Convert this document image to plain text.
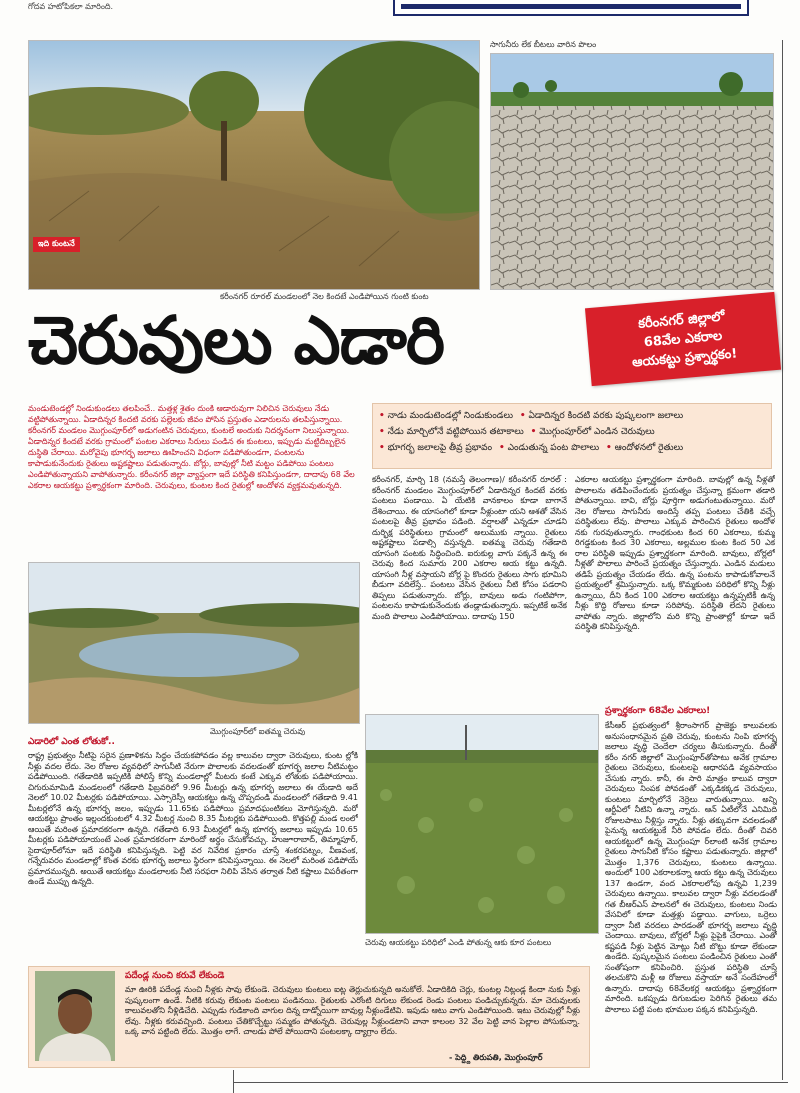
గోదవ హటోపికలా మారింది.
ఇది కుంటనే
సాగునీరు లేక బీటలు వారిన పొలం
కరీంనగర్ రూరల్ మండలంలో నెల కిందటే ఎండిపోయిన గుంటి కుంట
చెరువులు ఎడారి	కరీంనగర్ జిల్లాలో
68వేల ఎకరాల
ఆయకట్టు ప్రశ్నార్థకం!
మండుటెండల్లో నిండుకుండలు తలపించే.. మత్తళ్ల శైతం దుంకి ఆడారువుగా నిలిచిన చెరువులు నేడు వట్టిపోతున్నాయి. ఏడాదిన్నర కిందటి వరకు పల్లెలకు జీవం పోసిన ప్రస్తుతం ఎడారులను తలపిస్తున్నాయి. కరీంనగర్ మండలం మొగ్గుంపూర్‌లో అడుగంటిన చెరువులు, కుంటలే అందుకు నిదర్శనంగా నిలుస్తున్నాయి. ఏడాదిన్నర కిందటే వరకు గ్రామంలో పంటల ఎకరాలు సిరులు పండిన ఈ కుంటలు, ఇప్పుడు మట్టిదిబ్బలైన దుస్థితి చేరాయి. మరోవైపు భూగర్భ జలాలు ఊహించని విధంగా పడిపోతుండగా, పంటలను కాపాడుకునేందుకు రైతులు అష్టకష్టాలు పడుతున్నారు. బోర్లు, బావుల్లో నీటి మట్టం పడిపోయి పంటలు ఎండిపోతున్నాయని వాపోతున్నారు. కరీంనగర్ జిల్లా వ్యాప్తంగా ఇదే పరిస్థితి కనిపిస్తుండగా, దాదాపు 68 వేల ఎకరాల ఆయకట్టు ప్రశ్నార్థకంగా మారింది. చెరువులు, కుంటల కింద రైతుల్లో ఆందోళన వ్యక్తమవుతున్నది.
• నాడు మండుటెండల్లో నిండుకుండలు • ఏడాదిన్నర కిందటి వరకు పుష్కలంగా జలాలు
• నేడు మార్చిలోనే వట్టిపోయిన తటాకాలు • మొగ్గుంపూర్‌లో ఎండిన చెరువులు
• భూగర్భ జలాలపై తీవ్ర ప్రభావం • ఎండుతున్న పంట పొలాలు • ఆందోళనలో రైతులు
కరీంనగర్, మార్చి 18 (నమస్తే తెలంగాణ)/ కరీంనగర్ రూరల్ : కరీంనగర్ మండలం మొగ్గుంపూర్‌లో ఏడాదిన్నర కిందటే వరకు పంటలు పండాయి. ఏ యేటికి వానకాలం కూడా బాగానే దేశించాయి. ఈ యాసంగిలో కూడా నీళ్లుంటా యని ఆశతో వేసిన పంటలపై తీవ్ర ప్రభావం పడింది. వర్షాలతో ఎన్నడూ చూడని దుర్భిక్ష పరిస్థితులు గ్రామంలో అలుముకు న్నాయి. రైతులు అష్టకష్టాలు పడాల్సి వస్తున్నది. ఐతమ్మ చెరువు గతేడాది యాసంగి పంటకు సిద్ధించింది. ఐరుకుల్ల వాగు పక్కనే ఉన్న ఈ చెరువు కింద సుమారు 200 ఎకరాల ఆయ కట్టు ఉన్నది. యాసంగి నీళ్ల వస్తాయని బోర్ల పై కొందరు రైతులు సాగు భూమిని బీడుగా వదిలేస్తే.. పంటలు వేసిన రైతులు నీటి కోసం పడరాని తిప్పలు పడుతున్నారు. బోర్లు, బావులు అడు గంటిపోగా, పంటలను కాపాడుకునేందుకు తండ్లాడుతున్నారు. ఇప్పటికే అనేక మంది పొలాలు ఎండిపోయాయి. దాదాపు 150
ఎకరాల ఆయకట్టు ప్రశ్నార్థకంగా మారింది. బావుల్లో ఉన్న నీళ్లతో పొలాలను తడిపించేందుకు ప్రయత్నం చేస్తున్నా క్రమంగా తడారి పోతున్నాయి. బావి, బోర్లు పూర్తిగా అడుగంటుతున్నాయి. మరో నెల రోజులు సాగునీరు అందిస్తే తప్ప పంటలు చేతికి వచ్చే పరిస్థితులు లేవు. పొలాలు ఎక్కువ పారించిన రైతులు అందోళ నకు గురవుతున్నారు. గాంధకుంట కింద 60 ఎకరాలు, కుమ్మ రిగడ్డకుంట కింద 30 ఎకరాలు, అల్లముల కుంట కింద 50 ఎక రాల పరిస్థితి ఇప్పుడు ప్రశ్నార్థకంగా మారింది. బావులు, బోర్లలో నీళ్లతో పొలాలు పారించే ప్రయత్నం చేస్తున్నారు. ఎండిన మడులు తడిపే ప్రయత్నం చేయడం లేదు. ఉన్న పంటను కాపాడుకోవాలనే ప్రయత్నంలో శ్రమిస్తున్నారు. ఒక్క కొమ్మకుంట పరిధిలో కొన్ని నీళ్లు ఉన్నాయి, దీని కింద 100 ఎకరాల ఆయకట్టు ఉన్నప్పటికీ ఉన్న నీళ్లు కొద్ది రోజులు కూడా సరిపోవు. పరిస్థితి లేదని రైతులు వాపోతు న్నారు. జిల్లాలోని మరి కొన్ని ప్రాంతాల్లో కూడా ఇదే పరిస్థితి కనిపిస్తున్నది.
మొగ్గుంపూర్‌లో ఐతమ్మ చెరువు
ఎడారిలో ఎంత లోతుకో..
రాష్ట్ర ప్రభుత్వం నీటిపై సరైన ప్రణాళికను సిద్ధం చేయకపోవడం వల్ల కాలువల ద్వారా చెరువులు, కుంట ల్లోకి నీళ్లు వదల లేదు. నెల రోజుల వ్యవధిలో సాగునీటి నేరుగా పొలాలకు వదలడంతో భూగర్భ జలాల నీటిమట్టం పడిపోయింది. గతేడాదికి ఇప్పటికి పోలిస్తే కొన్ని మండలాల్లో మీటరు కంటే ఎక్కువ లోతుకు పడిపోయాయి. చిగురుమామిడి మండలంలో గతేడాది ఫిబ్రవరిలో 9.96 మీటర్లు ఉన్న భూగర్భ జలాలు ఈ యేడాది అదే నెలలో 10.02 మీటర్లకు పడిపోయాయి. ఎస్సారెస్పీ ఆయకట్టు ఉన్న చొప్పదండి మండలంలో గతేడాది 9.41 మీటర్లలోనే ఉన్న భూగర్భ జలం, ఇప్పుడు 11.65కు పడిపోయి ప్రమాదఘంటికలు మోగిస్తున్నది. మరో ఆయకట్టు ప్రాంతం ఇల్లందకుంటలో 4.32 మీటర్ల నుంచి 8.35 మీటర్లకు పడిపోయింది. కొత్తపల్లి మండ లంలో ఆయితే మరింత ప్రమాదకరంగా ఉన్నది. గతేడాది 6.93 మీటర్లలో ఉన్న భూగర్భ జలాలు ఇప్పుడు 10.65 మీటర్లకు పడిపోయాయంటే ఎంత ప్రమాదకరంగా మారిందో అర్థం చేసుకోవచ్చు. హుజూరాబాద్, తిమ్మాపూర్, సైదాపూర్‌లోనూ ఇదే పరిస్థితి కనిపిస్తున్నది. పెట్టి వర నివేదిక ప్రకారం చూస్తే శంకరపట్నం, వీణవంక, గన్నేరువరం మండలాల్లో కొంత వరకు భూగర్భ జలాలు స్థిరంగా కనిపిస్తున్నాయి. ఈ నెలలో మరింత పడిపోయే ప్రమాదమున్నది. అయితే ఆయకట్టు మండలాలకు నీటి సరఫరా నిలిపి వేసిన తర్వాత నీటి కష్టాలు విపరీతంగా ఉండే ముప్పు ఉన్నది.
చెరువు ఆయకట్టు పరిధిలో ఎండి పోతున్న ఆకు కూర పంటలు
ప్రశ్నార్థకంగా 68వేల ఎకరాలు!
కేసీఆర్ ప్రభుత్వంలో శ్రీరాంసాగర్ ప్రాజెక్టు కాలువలకు అనుసంధానమైన ప్రతి చెరువు, కుంటను నింపి భూగర్భ జలాలు వృద్ధి చెందేలా చర్యలు తీసుకున్నారు. దీంతో కరీం నగర్ జిల్లాలో మొగ్గుంపూర్‌తోపాటు అనేక గ్రామాల రైతులు చెరువులు, కుంటలపై ఆధారపడి వ్యవసాయం చేసుకు న్నారు. కానీ, ఈ సారి మాత్రం కాలువ ద్వారా చెరువులు నింపక పోవడంతో ఎక్కడికక్కడ చెరువులు, కుంటలు మార్చిలోనే నెర్రెలు వారుతున్నాయి. అన్ని ఆర్టీఏలో నీటిని ఉన్నా న్నారు. ఆన్ ఏటీలోనే ఎనిమిది రోజులపాటు నీళ్లిస్తు న్నారు. నీళ్లు తక్కువగా వదలడంతో పైనున్న ఆయకట్టుకే నీరి పోవడం లేదు. దీంతో చివరి ఆయకట్టులో ఉన్న మొగ్గుంపూ ర్‌లాంటి అనేక గ్రామాల రైతులు సాగునీటి కోసం కష్టాలు పడుతున్నారు. జిల్లాలో మొత్తం 1,376 చెరువులు, కుంటలు ఉన్నాయి. అందులో 100 ఎకరాలకన్నా ఆయ కట్టు ఉన్న చెరువులు 137 ఉండగా, వంద ఎకరాలలోపు ఉన్నవి 1,239 చెరువులు ఉన్నాయి. కాలువల ద్వారా నీళ్లు వదలడంతో గత బీఆర్ఎస్ పాలనలో ఈ చెరువులు, కుంటలు నిండు వేసవిలో కూడా మత్తళ్లు పడ్డాయి. వాగులు, ఒర్రెలు ద్వారా నీటి వరదలు పారడంతో భూగర్భ జలాలు వృద్ధి చెందాయి. బావులు, బోర్లలో నీళ్లు పైపైకి చేరాయి. ఎంతో కష్టపడి నీళ్లు పెట్టిన మోట్లు నీటి బొట్టు కూడా లేకుండా ఉండేది. పుష్కలమైన పంటలు పండించిన రైతులు ఎంతో సంతోషంగా కనిపించిరి. ప్రస్తుత పరిస్థితి చూస్తే తలచుకొని మళ్లీ ఆ రోజులు వస్తాయా అనే సందేహంలో ఉన్నారు. దాదాపు 68వేలకర్ల ఆయకట్టు ప్రశ్నార్థకంగా మారింది. ఒకప్పుడు దిగుబడుల పెరిగిన రైతులు తమ పొలాలు పట్టి పంట భూముల పక్కన కనిపిస్తున్నది.
పదేండ్ల నుంచి కరువే లేకుండె
మా ఊరికి పదేండ్ల నుంచి నీళ్లకు సావు లేకుండె. చెరువులు కుంటలు ఐట్ల తెర్లుచుకున్నది అనుకోలే. ఏడాదికిది చెర్లు, కుంటల్ల నిట్లండ్ల కిందా నుకు నీళ్లు పుష్కలంగా ఉండే. నీటికి కరువు లేకుంట పంటలు పండినయి. రైతులకు ఎరోంటి దిగులు లేకుండ రెండు పంటలు పండిచ్చుకున్నరు. మా చెరువులకు కాలువలతోని నీళ్లిడిచేది. ఎప్పుడు గుడికాంది వాగుల దిన్న దాడ్నోయిగా బావుల్ల నీళ్లుండేటివి. ఇపుడు ఆటు వాగు ఎండిపోయింది. ఇటు చెరువుల్లో నీళ్లు లేవు. నీళ్లకు కరువచ్చింది. పంటలు చేతికొచ్చేట్టు సమ్మకం పోతున్నది. చెరువుల్ల నీళ్లుండటాని వానా కాలంల 32 వేల పెట్టి వాన పెల్లాల పోసుకున్నా. ఒక్క వాన పట్టింది లేదు. మొత్తం లాగే. చాలడు పోలే పోయిదాని పంటలక్కా ద్యాగ్రాం లేదు.
- పెద్ద్ది తిరుపతి, మొగ్గుంపూర్
